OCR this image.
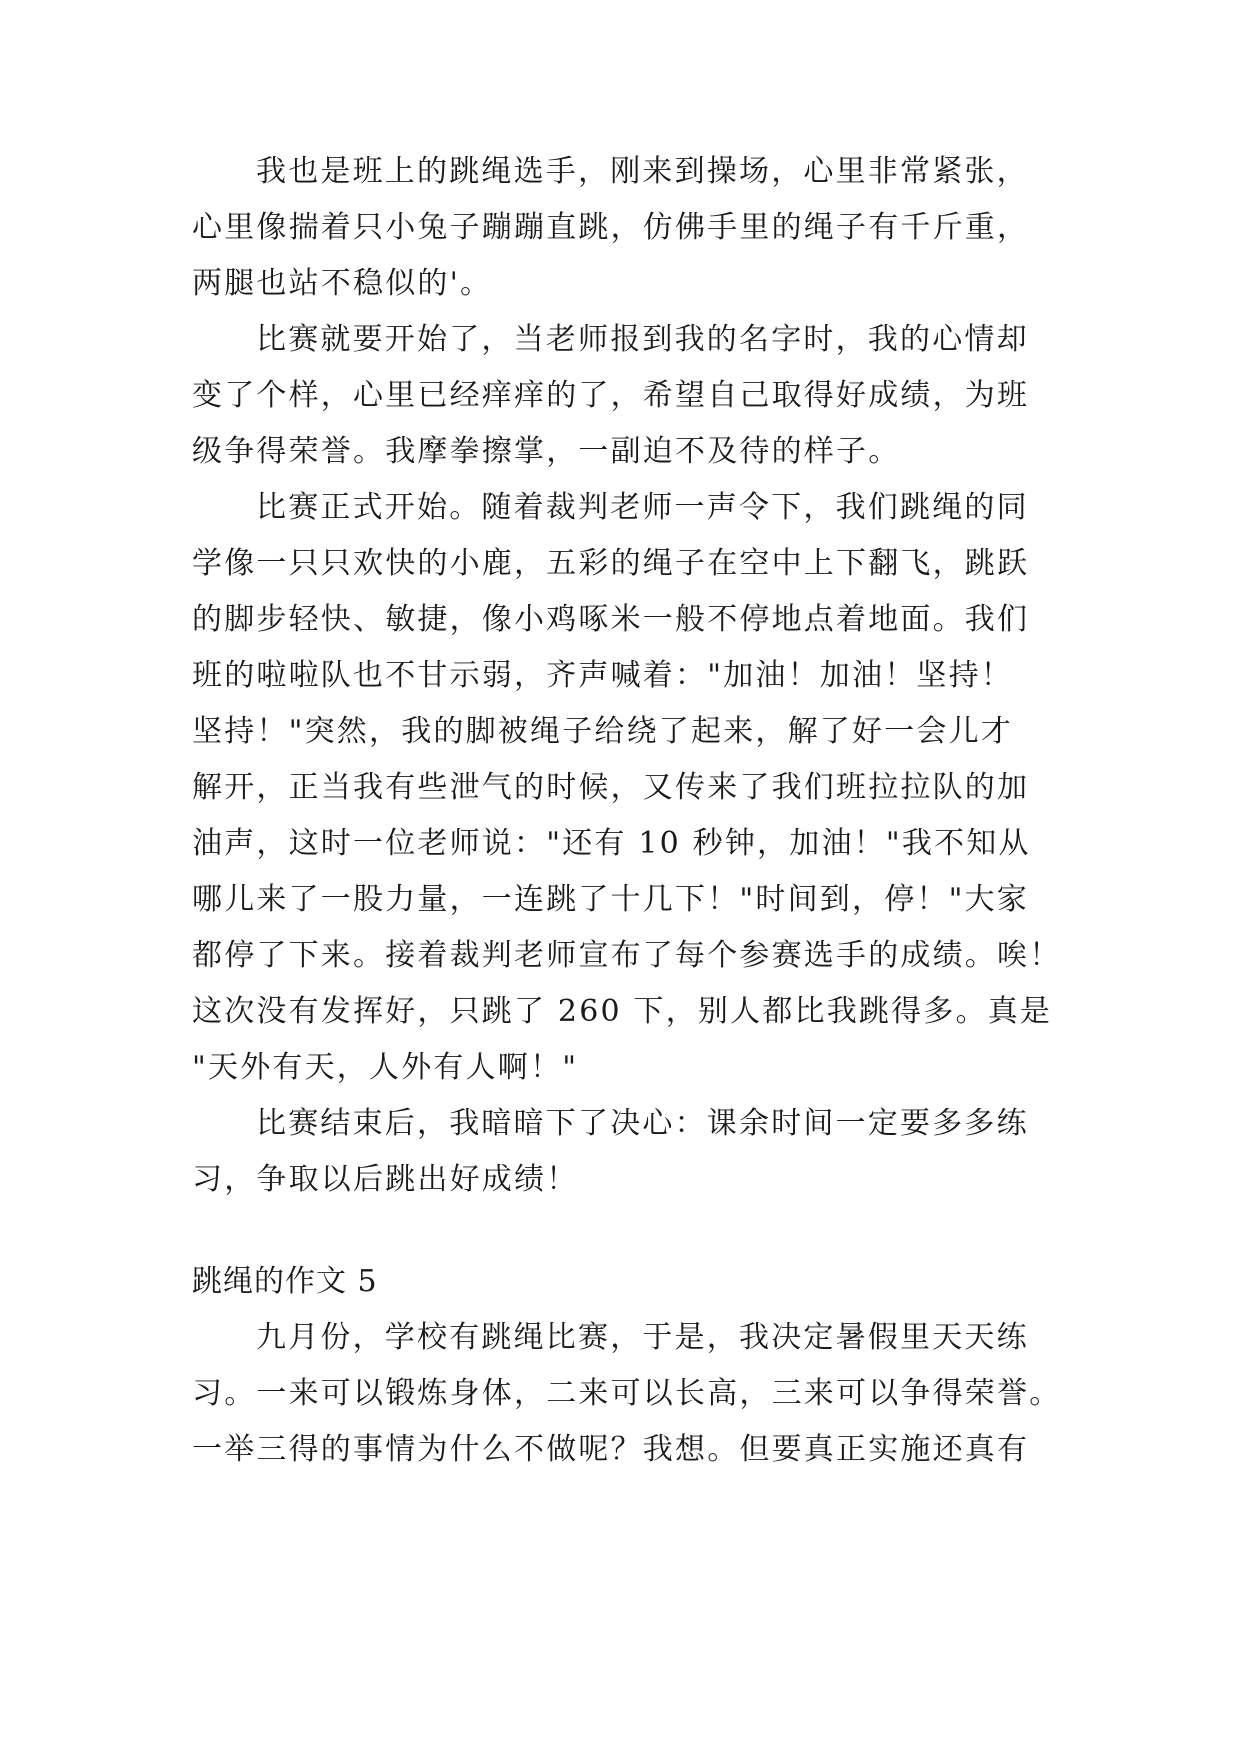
我也是班上的跳绳选手，刚来到操场，心里非常紧张，
心里像揣着只小兔子蹦蹦直跳，仿佛手里的绳子有千斤重，
两腿也站不稳似的'。
比赛就要开始了，当老师报到我的名字时，我的心情却
变了个样，心里已经痒痒的了，希望自己取得好成绩，为班
级争得荣誉。我摩拳擦掌，一副迫不及待的样子。
比赛正式开始。随着裁判老师一声令下，我们跳绳的同
学像一只只欢快的小鹿，五彩的绳子在空中上下翻飞，跳跃
的脚步轻快、敏捷，像小鸡啄米一般不停地点着地面。我们
班的啦啦队也不甘示弱，齐声喊着："加油！加油！坚持！
坚持！"突然，我的脚被绳子给绕了起来，解了好一会儿才
解开，正当我有些泄气的时候，又传来了我们班拉拉队的加
油声，这时一位老师说："还有 10 秒钟，加油！"我不知从
哪儿来了一股力量，一连跳了十几下！"时间到，停！"大家
都停了下来。接着裁判老师宣布了每个参赛选手的成绩。唉！
这次没有发挥好，只跳了 260 下，别人都比我跳得多。真是
"天外有天，人外有人啊！"
比赛结束后，我暗暗下了决心：课余时间一定要多多练
习，争取以后跳出好成绩！
跳绳的作文 5
九月份，学校有跳绳比赛，于是，我决定暑假里天天练
习。一来可以锻炼身体，二来可以长高，三来可以争得荣誉。
一举三得的事情为什么不做呢？我想。但要真正实施还真有
